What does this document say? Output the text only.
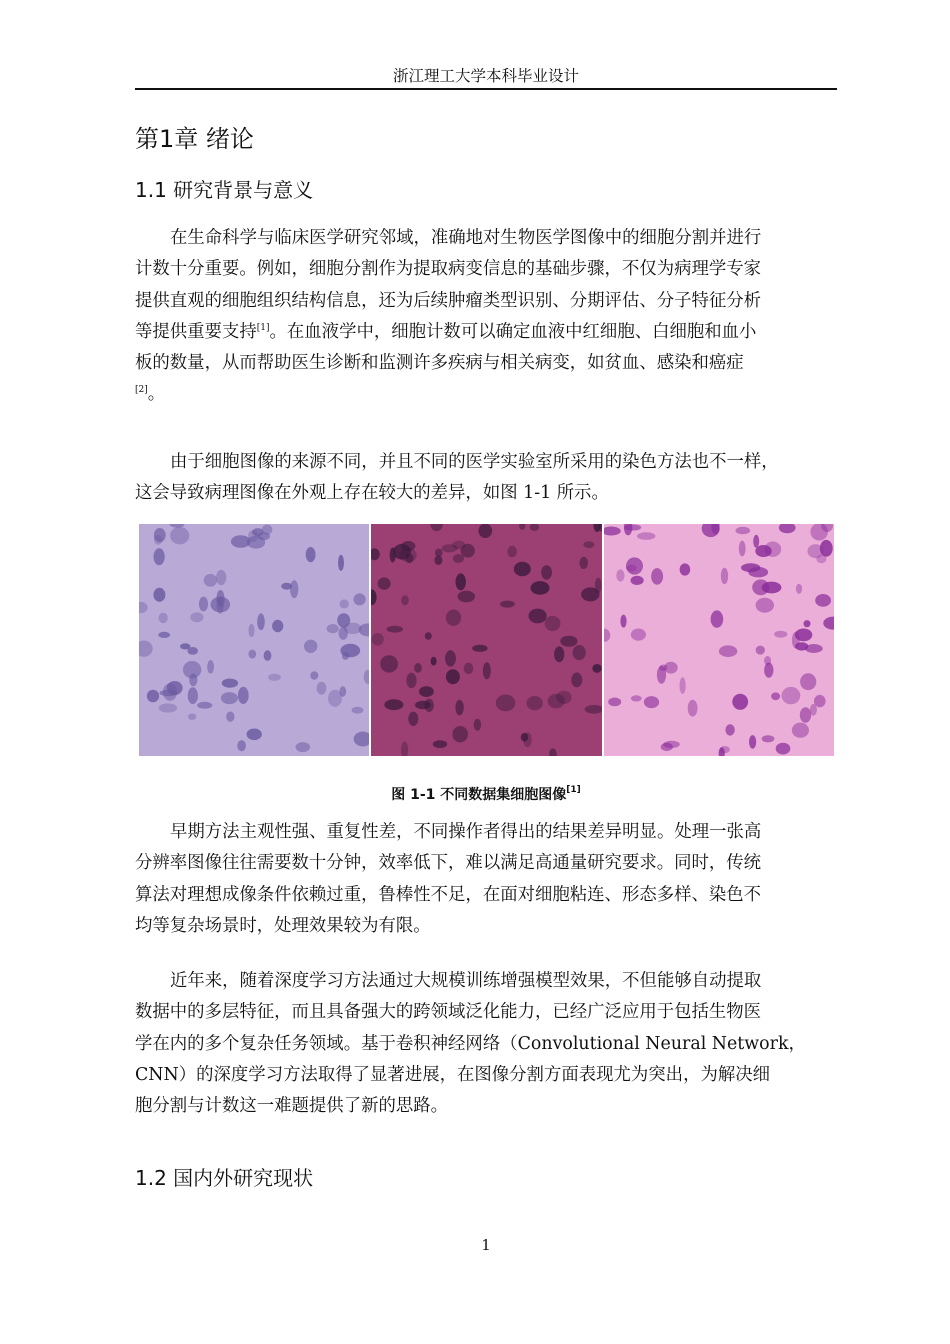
浙江理工大学本科毕业设计
第1章 绪论
1.1 研究背景与意义
在生命科学与临床医学研究邻域，准确地对生物医学图像中的细胞分割并进行
计数十分重要。例如，细胞分割作为提取病变信息的基础步骤，不仅为病理学专家
提供直观的细胞组织结构信息，还为后续肿瘤类型识别、分期评估、分子特征分析
等提供重要支持[1]。在血液学中，细胞计数可以确定血液中红细胞、白细胞和血小
板的数量，从而帮助医生诊断和监测许多疾病与相关病变，如贫血、感染和癌症
[2]。
由于细胞图像的来源不同，并且不同的医学实验室所采用的染色方法也不一样，
这会导致病理图像在外观上存在较大的差异，如图 1-1 所示。
图 1-1 不同数据集细胞图像[1]
早期方法主观性强、重复性差，不同操作者得出的结果差异明显。处理一张高
分辨率图像往往需要数十分钟，效率低下，难以满足高通量研究要求。同时，传统
算法对理想成像条件依赖过重，鲁棒性不足，在面对细胞粘连、形态多样、染色不
均等复杂场景时，处理效果较为有限。
近年来，随着深度学习方法通过大规模训练增强模型效果，不但能够自动提取
数据中的多层特征，而且具备强大的跨领域泛化能力，已经广泛应用于包括生物医
学在内的多个复杂任务领域。基于卷积神经网络（Convolutional Neural Network，
CNN）的深度学习方法取得了显著进展，在图像分割方面表现尤为突出，为解决细
胞分割与计数这一难题提供了新的思路。
1.2 国内外研究现状
1
